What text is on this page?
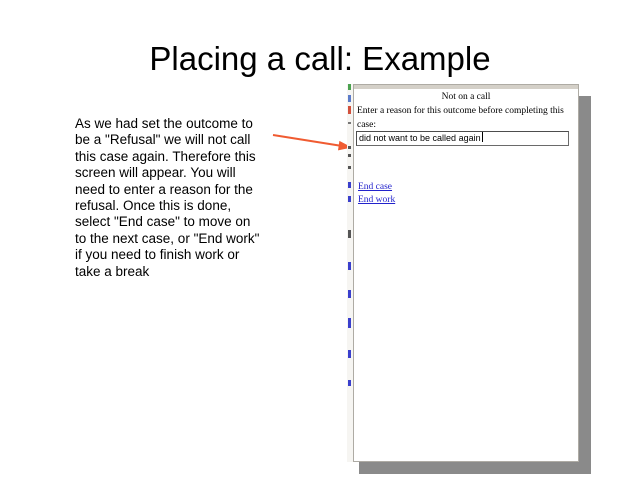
Placing a call: Example
As we had set the outcome to be a "Refusal" we will not call this case again. Therefore this screen will appear. You will need to enter a reason for the refusal. Once this is done, select "End case" to move on to the next case, or "End work" if you need to finish work or take a break
Not on a call
Enter a reason for this outcome before completing this case:
did not want to be called again
End case
End work
